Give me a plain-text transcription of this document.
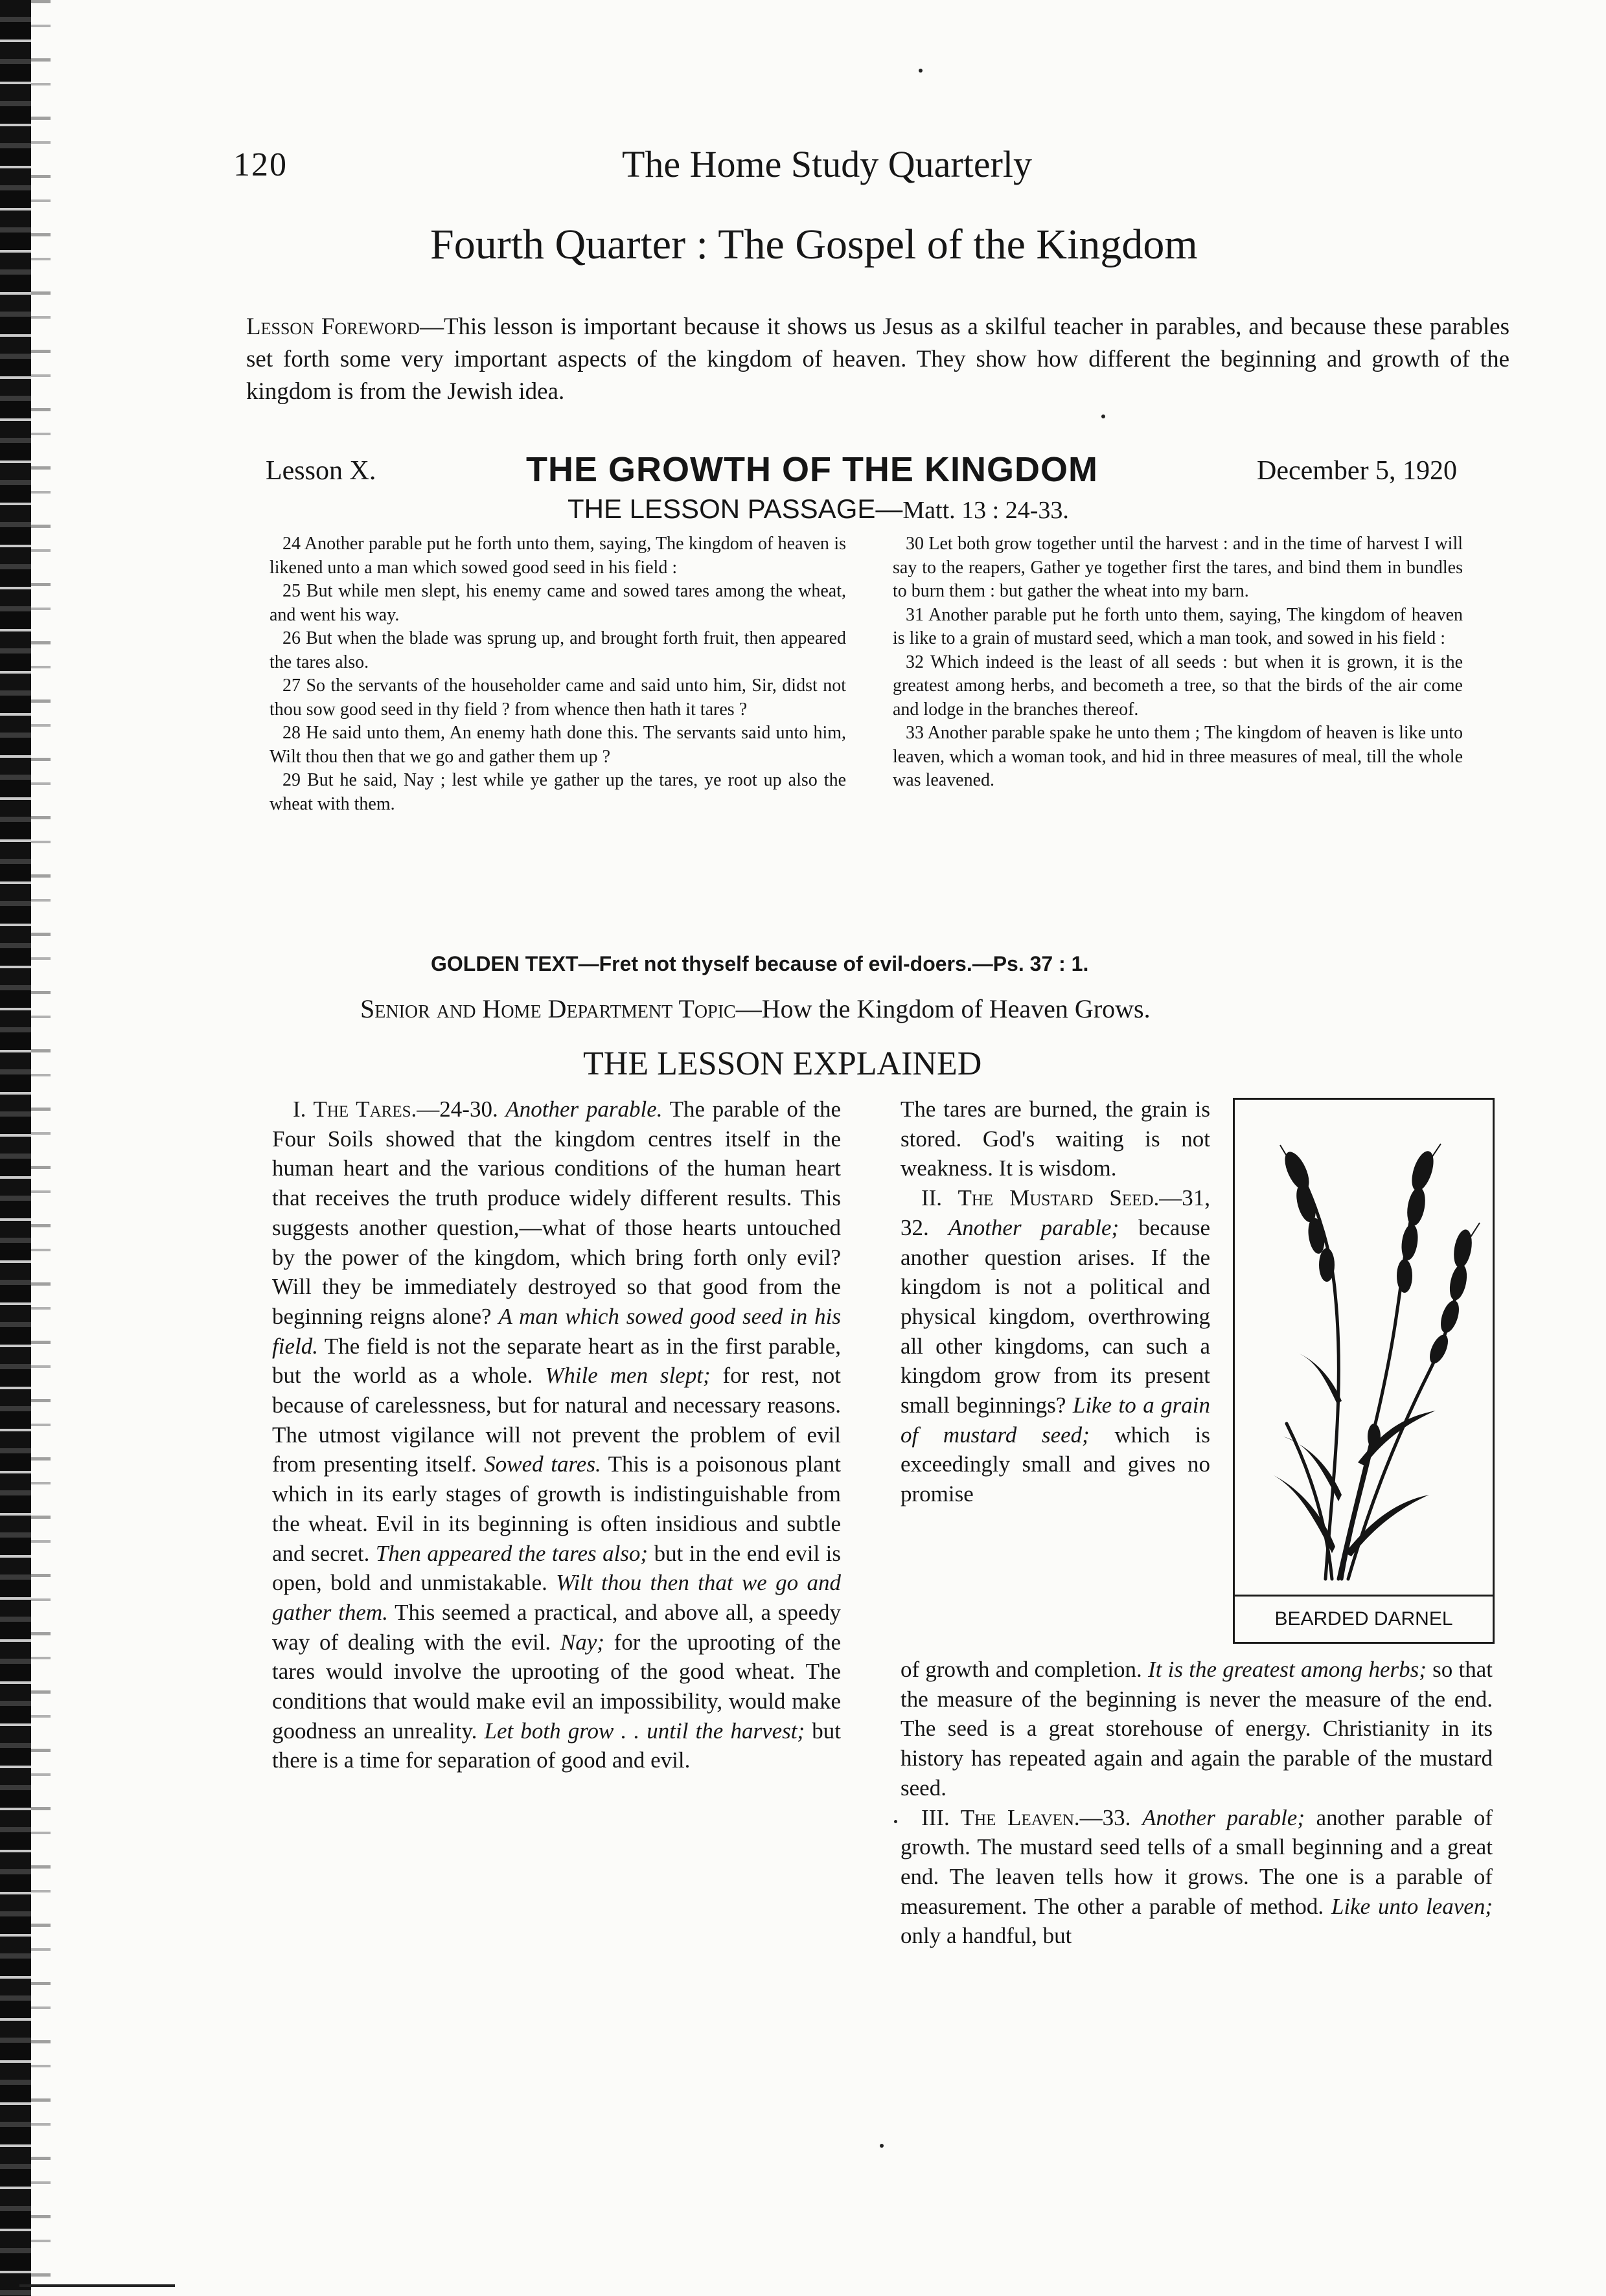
120	The Home Study Quarterly
Fourth Quarter : The Gospel of the Kingdom

Lesson Foreword—This lesson is important because it shows us Jesus as a skilful teacher in parables, and because these parables set forth some very important aspects of the kingdom of heaven. They show how different the beginning and growth of the kingdom is from the Jewish idea.

Lesson X.	THE GROWTH OF THE KINGDOM	December 5, 1920
THE LESSON PASSAGE—Matt. 13 : 24-33.

24 Another parable put he forth unto them, saying, The kingdom of heaven is likened unto a man which sowed good seed in his field :

25 But while men slept, his enemy came and sowed tares among the wheat, and went his way.

26 But when the blade was sprung up, and brought forth fruit, then appeared the tares also.

27 So the servants of the householder came and said unto him, Sir, didst not thou sow good seed in thy field ? from whence then hath it tares ?

28 He said unto them, An enemy hath done this. The servants said unto him, Wilt thou then that we go and gather them up ?

29 But he said, Nay ; lest while ye gather up the tares, ye root up also the wheat with them.

30 Let both grow together until the harvest : and in the time of harvest I will say to the reapers, Gather ye together first the tares, and bind them in bundles to burn them : but gather the wheat into my barn.

31 Another parable put he forth unto them, saying, The kingdom of heaven is like to a grain of mustard seed, which a man took, and sowed in his field :

32 Which indeed is the least of all seeds : but when it is grown, it is the greatest among herbs, and becometh a tree, so that the birds of the air come and lodge in the branches thereof.

33 Another parable spake he unto them ; The kingdom of heaven is like unto leaven, which a woman took, and hid in three measures of meal, till the whole was leavened.

GOLDEN TEXT—Fret not thyself because of evil-doers.—Ps. 37 : 1.
Senior and Home Department Topic—How the Kingdom of Heaven Grows.
THE LESSON EXPLAINED

I. The Tares.—24-30. Another parable. The parable of the Four Soils showed that the kingdom centres itself in the human heart and the various conditions of the human heart that receives the truth produce widely different results. This suggests another question,—what of those hearts untouched by the power of the kingdom, which bring forth only evil? Will they be immediately destroyed so that good from the beginning reigns alone? A man which sowed good seed in his field. The field is not the separate heart as in the first parable, but the world as a whole. While men slept; for rest, not because of carelessness, but for natural and necessary reasons. The utmost vigilance will not prevent the problem of evil from presenting itself. Sowed tares. This is a poisonous plant which in its early stages of growth is indistinguishable from the wheat. Evil in its beginning is often insidious and subtle and secret. Then appeared the tares also; but in the end evil is open, bold and unmistakable. Wilt thou then that we go and gather them. This seemed a practical, and above all, a speedy way of dealing with the evil. Nay; for the uprooting of the tares would involve the uprooting of the good wheat. The conditions that would make evil an impossibility, would make goodness an unreality. Let both grow . . until the harvest; but there is a time for separation of good and evil.

The tares are burned, the grain is stored. God's waiting is not weakness. It is wisdom.

II. The Mustard Seed.—31, 32. Another parable; because another question arises. If the kingdom is not a political and physical kingdom, overthrowing all other kingdoms, can such a kingdom grow from its present small beginnings? Like to a grain of mustard seed; which is exceedingly small and gives no promise

BEARDED DARNEL

of growth and completion. It is the greatest among herbs; so that the measure of the beginning is never the measure of the end. The seed is a great storehouse of energy. Christianity in its history has repeated again and again the parable of the mustard seed.

III. The Leaven.—33. Another parable; another parable of growth. The mustard seed tells of a small beginning and a great end. The leaven tells how it grows. The one is a parable of measurement. The other a parable of method. Like unto leaven; only a handful, but
